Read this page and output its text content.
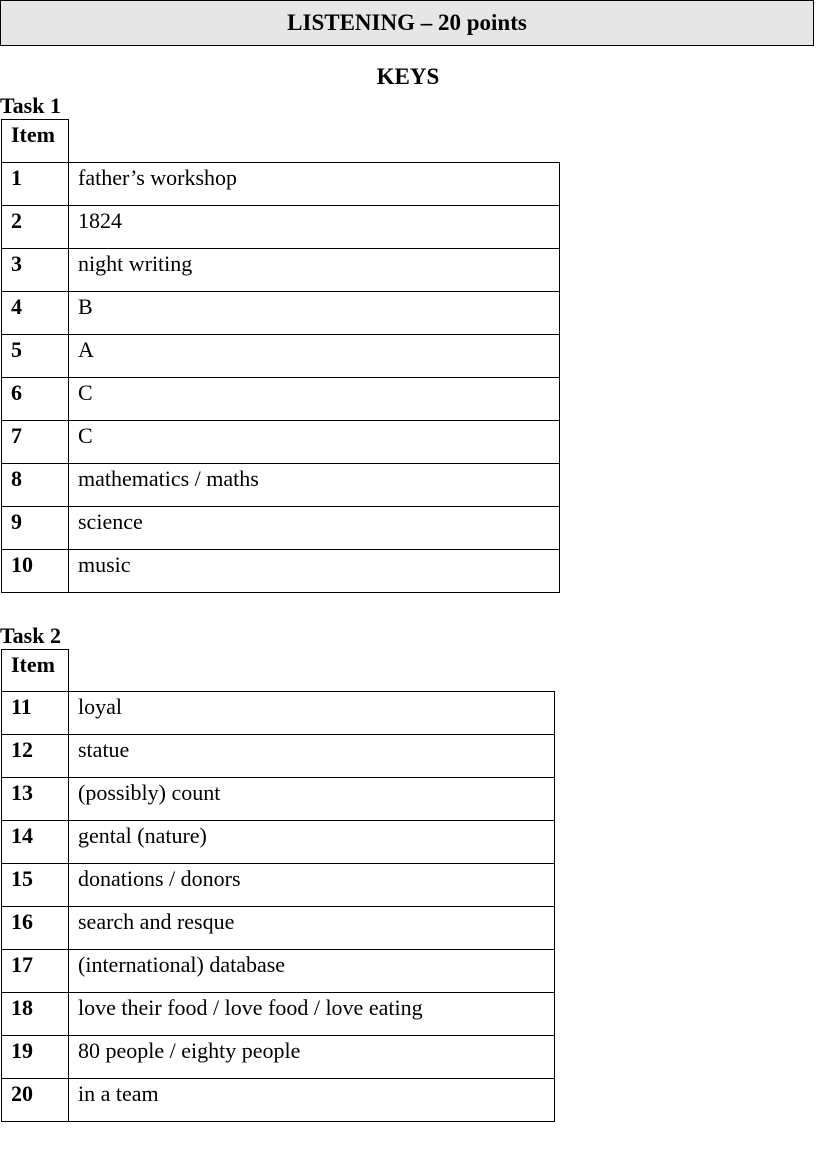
LISTENING – 20 points
KEYS
Task 1
Item
1	father’s workshop
2	1824
3	night writing
4	B
5	A
6	C
7	C
8	mathematics / maths
9	science
10	music
Task 2
Item
11	loyal
12	statue
13	(possibly) count
14	gental (nature)
15	donations / donors
16	search and resque
17	(international) database
18	love their food / love food / love eating
19	80 people / eighty people
20	in a team
